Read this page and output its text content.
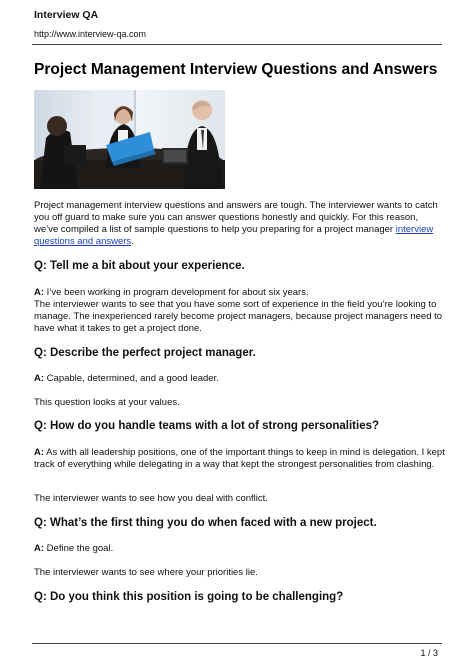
Interview QA
http://www.interview-qa.com
Project Management Interview Questions and Answers

Project management interview questions and answers are tough. The interviewer wants to catch you off guard to make sure you can answer questions honestly and quickly. For this reason, we’ve compiled a list of sample questions to help you preparing for a project manager interview questions and answers.

Q: Tell me a bit about your experience.

A: I’ve been working in program development for about six years.
The interviewer wants to see that you have some sort of experience in the field you’re looking to manage. The inexperienced rarely become project managers, because project managers need to have what it takes to get a project done.

Q: Describe the perfect project manager.

A: Capable, determined, and a good leader.

This question looks at your values.

Q: How do you handle teams with a lot of strong personalities?

A: As with all leadership positions, one of the important things to keep in mind is delegation. I kept track of everything while delegating in a way that kept the strongest personalities from clashing.

The interviewer wants to see how you deal with conflict.

Q: What’s the first thing you do when faced with a new project.

A: Define the goal.

The interviewer wants to see where your priorities lie.

Q: Do you think this position is going to be challenging?
1 / 3
